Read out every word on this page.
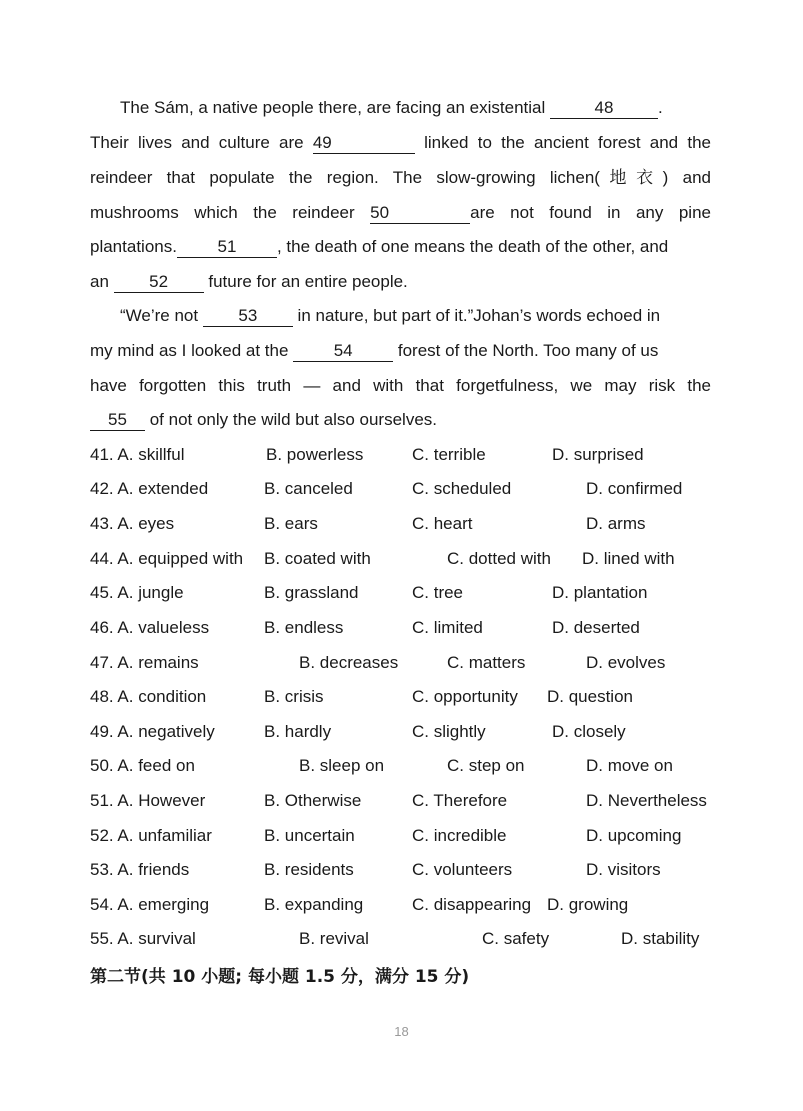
The Sám, a native people there, are facing an existential	48	.
Their lives and culture are 49	linked to the ancient forest and the
reindeer that populate the region. The slow-growing lichen(地衣) and
mushrooms which the reindeer 50	are not found in any pine
plantations. 51 , the death of one means the death of the other, and
an 52 future for an entire people.
“We’re not 53 in nature, but part of it.”Johan’s words echoed in
my mind as I looked at the 54 forest of the North. Too many of us
have forgotten this truth — and with that forgetfulness, we may risk the
55 of not only the wild but also ourselves.
41. A. skillful	B. powerless	C. terrible	D. surprised
42. A. extended	B. canceled	C. scheduled	D. confirmed
43. A. eyes	B. ears	C. heart	D. arms
44. A. equipped with B. coated with	C. dotted with D. lined with
45. A. jungle	B. grassland	C. tree	D. plantation
46. A. valueless	B. endless	C. limited	D. deserted
47. A. remains	B. decreases	C. matters	D. evolves
48. A. condition	B. crisis	C. opportunity D. question
49. A. negatively	B. hardly	C. slightly	D. closely
50. A. feed on	B. sleep on	C. step on	D. move on
51. A. However	B. Otherwise	C. Therefore	D. Nevertheless
52. A. unfamiliar	B. uncertain	C. incredible	D. upcoming
53. A. friends	B. residents	C. volunteers	D. visitors
54. A. emerging	B. expanding	C. disappearing D. growing
55. A. survival	B. revival	C. safety	D. stability
第二节(共 10 小题; 每小题 1.5 分，满分 15 分)
18
